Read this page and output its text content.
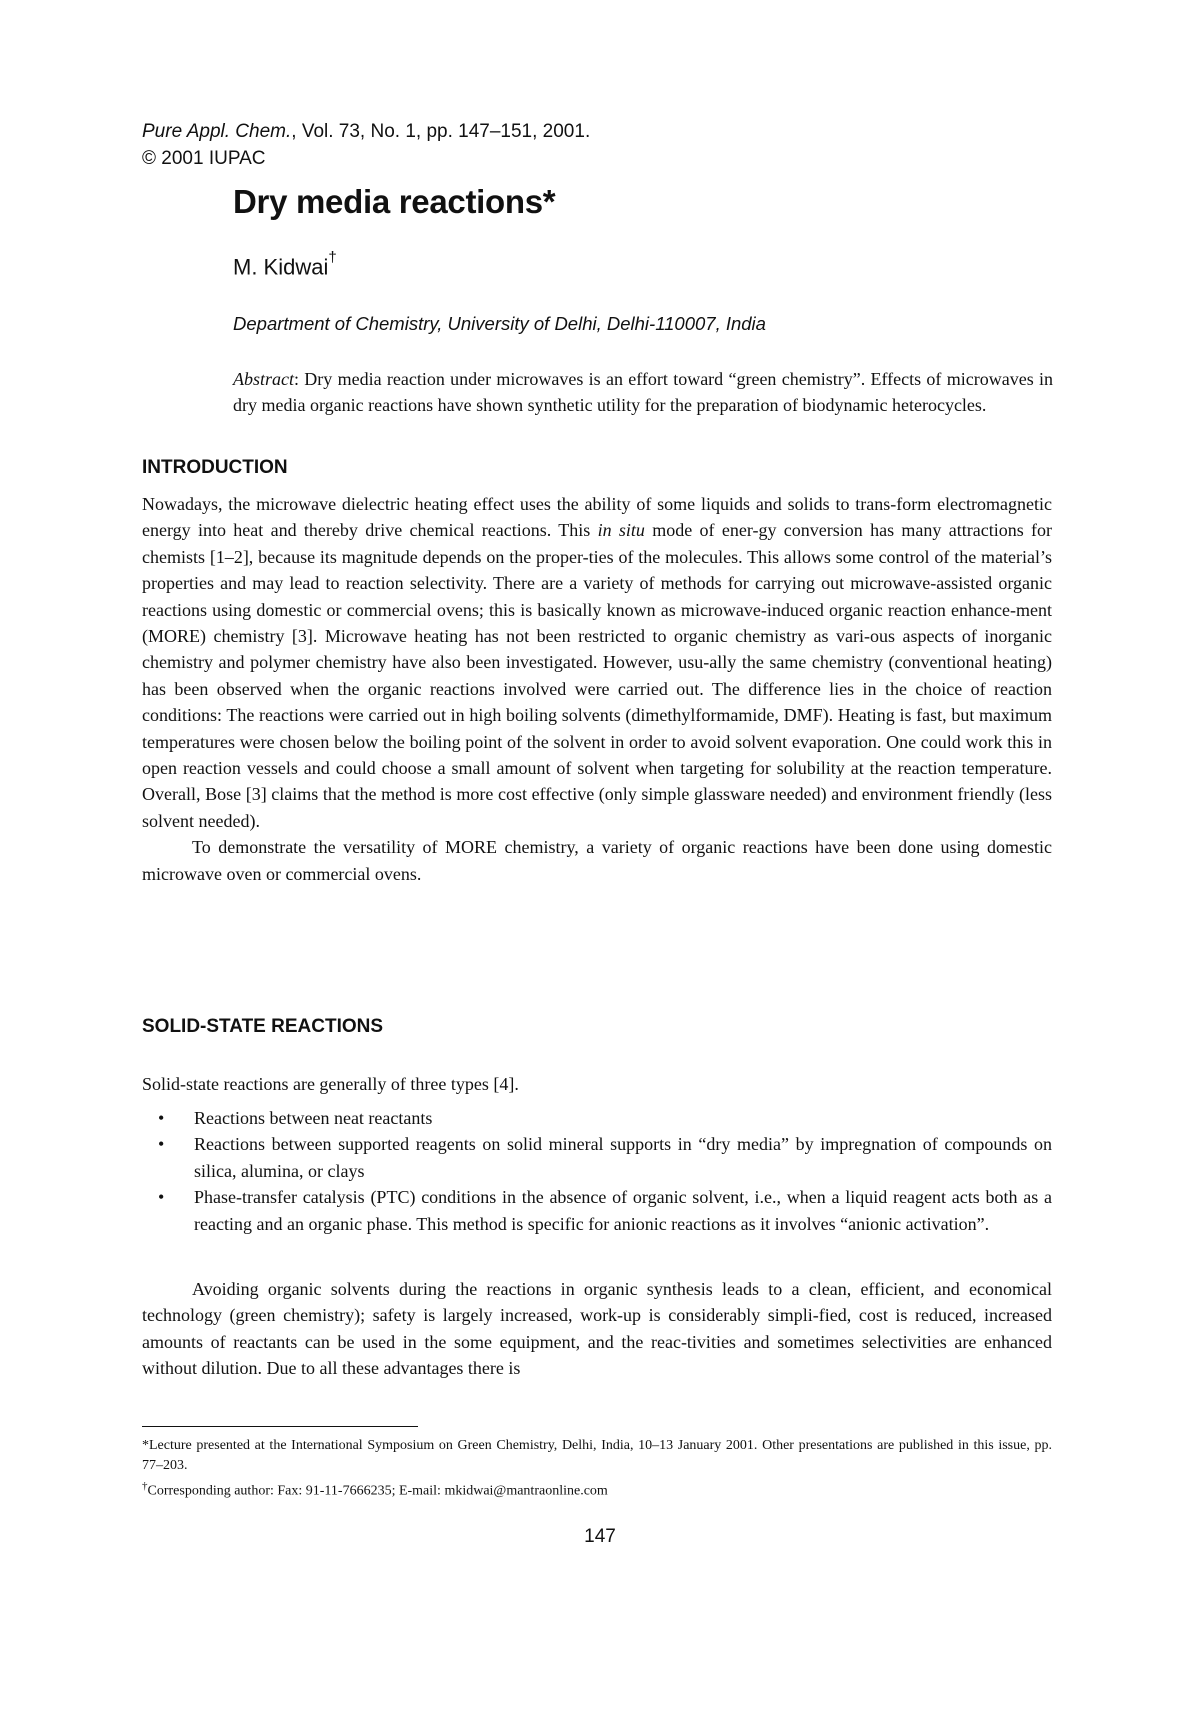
Pure Appl. Chem., Vol. 73, No. 1, pp. 147–151, 2001.
© 2001 IUPAC
Dry media reactions*
M. Kidwai†
Department of Chemistry, University of Delhi, Delhi-110007, India
Abstract: Dry media reaction under microwaves is an effort toward “green chemistry”. Effects of microwaves in dry media organic reactions have shown synthetic utility for the preparation of biodynamic heterocycles.
INTRODUCTION

Nowadays, the microwave dielectric heating effect uses the ability of some liquids and solids to trans-form electromagnetic energy into heat and thereby drive chemical reactions. This in situ mode of ener-gy conversion has many attractions for chemists [1–2], because its magnitude depends on the proper-ties of the molecules. This allows some control of the material’s properties and may lead to reaction selectivity. There are a variety of methods for carrying out microwave-assisted organic reactions using domestic or commercial ovens; this is basically known as microwave-induced organic reaction enhance-ment (MORE) chemistry [3]. Microwave heating has not been restricted to organic chemistry as vari-ous aspects of inorganic chemistry and polymer chemistry have also been investigated. However, usu-ally the same chemistry (conventional heating) has been observed when the organic reactions involved were carried out. The difference lies in the choice of reaction conditions: The reactions were carried out in high boiling solvents (dimethylformamide, DMF). Heating is fast, but maximum temperatures were chosen below the boiling point of the solvent in order to avoid solvent evaporation. One could work this in open reaction vessels and could choose a small amount of solvent when targeting for solubility at the reaction temperature. Overall, Bose [3] claims that the method is more cost effective (only simple glassware needed) and environment friendly (less solvent needed).

To demonstrate the versatility of MORE chemistry, a variety of organic reactions have been done using domestic microwave oven or commercial ovens.

SOLID-STATE REACTIONS

Solid-state reactions are generally of three types [4].

• Reactions between neat reactants
• Reactions between supported reagents on solid mineral supports in “dry media” by impregnation of compounds on silica, alumina, or clays
• Phase-transfer catalysis (PTC) conditions in the absence of organic solvent, i.e., when a liquid reagent acts both as a reacting and an organic phase. This method is specific for anionic reactions as it involves “anionic activation”.

Avoiding organic solvents during the reactions in organic synthesis leads to a clean, efficient, and economical technology (green chemistry); safety is largely increased, work-up is considerably simpli-fied, cost is reduced, increased amounts of reactants can be used in the some equipment, and the reac-tivities and sometimes selectivities are enhanced without dilution. Due to all these advantages there is

*Lecture presented at the International Symposium on Green Chemistry, Delhi, India, 10–13 January 2001. Other presentations are published in this issue, pp. 77–203.

†Corresponding author: Fax: 91-11-7666235; E-mail: mkidwai@mantraonline.com

147
